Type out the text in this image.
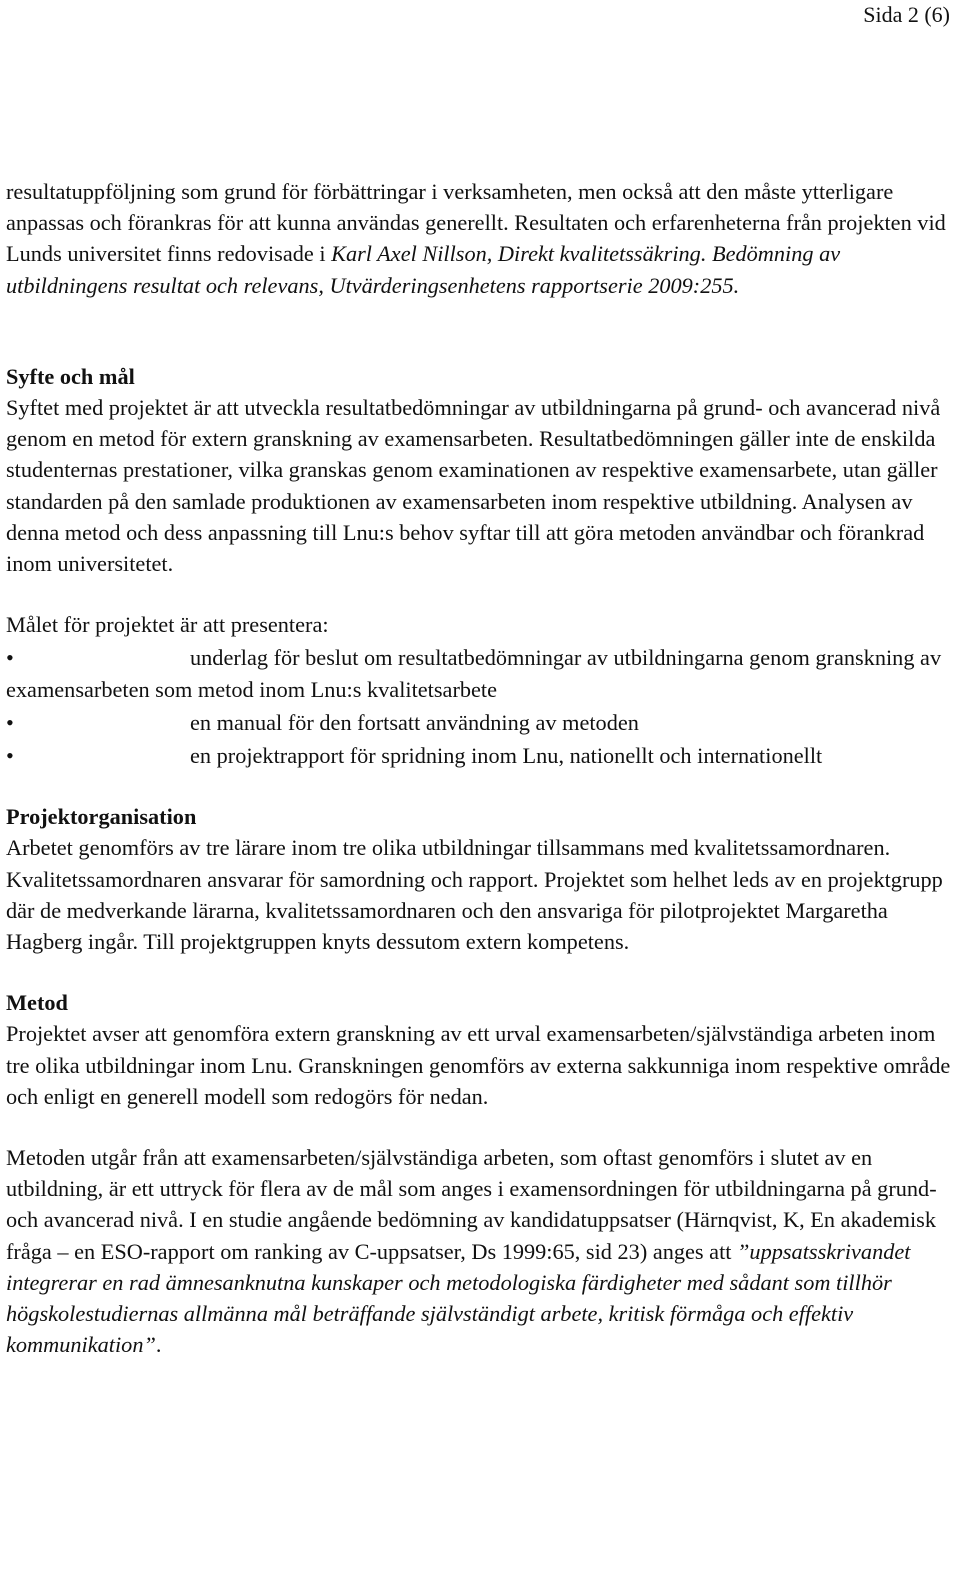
Sida 2 (6)

resultatuppföljning som grund för förbättringar i verksamheten, men också att den måste ytterligare anpassas och förankras för att kunna användas generellt. Resultaten och erfarenheterna från projekten vid Lunds universitet finns redovisade i Karl Axel Nillson, Direkt kvalitetssäkring. Bedömning av utbildningens resultat och relevans, Utvärderingsenhetens rapportserie 2009:255.

Syfte och mål

Syftet med projektet är att utveckla resultatbedömningar av utbildningarna på grund- och avancerad nivå genom en metod för extern granskning av examensarbeten. Resultatbedömningen gäller inte de enskilda studenternas prestationer, vilka granskas genom examinationen av respektive examensarbete, utan gäller standarden på den samlade produktionen av examensarbeten inom respektive utbildning. Analysen av denna metod och dess anpassning till Lnu:s behov syftar till att göra metoden användbar och förankrad inom universitetet.

Målet för projektet är att presentera:

•	underlag för beslut om resultatbedömningar av utbildningarna genom granskning av examensarbeten som metod inom Lnu:s kvalitetsarbete
•	en manual för den fortsatt användning av metoden
•	en projektrapport för spridning inom Lnu, nationellt och internationellt
Projektorganisation

Arbetet genomförs av tre lärare inom tre olika utbildningar tillsammans med kvalitetssamordnaren. Kvalitetssamordnaren ansvarar för samordning och rapport. Projektet som helhet leds av en projektgrupp där de medverkande lärarna, kvalitetssamordnaren och den ansvariga för pilotprojektet Margaretha Hagberg ingår. Till projektgruppen knyts dessutom extern kompetens.

Metod

Projektet avser att genomföra extern granskning av ett urval examensarbeten/självständiga arbeten inom tre olika utbildningar inom Lnu. Granskningen genomförs av externa sakkunniga inom respektive område och enligt en generell modell som redogörs för nedan.

Metoden utgår från att examensarbeten/självständiga arbeten, som oftast genomförs i slutet av en utbildning, är ett uttryck för flera av de mål som anges i examensordningen för utbildningarna på grund- och avancerad nivå. I en studie angående bedömning av kandidatuppsatser (Härnqvist, K, En akademisk fråga – en ESO-rapport om ranking av C-uppsatser, Ds 1999:65, sid 23) anges att ”uppsatsskrivandet integrerar en rad ämnesanknutna kunskaper och metodologiska färdigheter med sådant som tillhör högskolestudiernas allmänna mål beträffande självständigt arbete, kritisk förmåga och effektiv kommunikation”.
